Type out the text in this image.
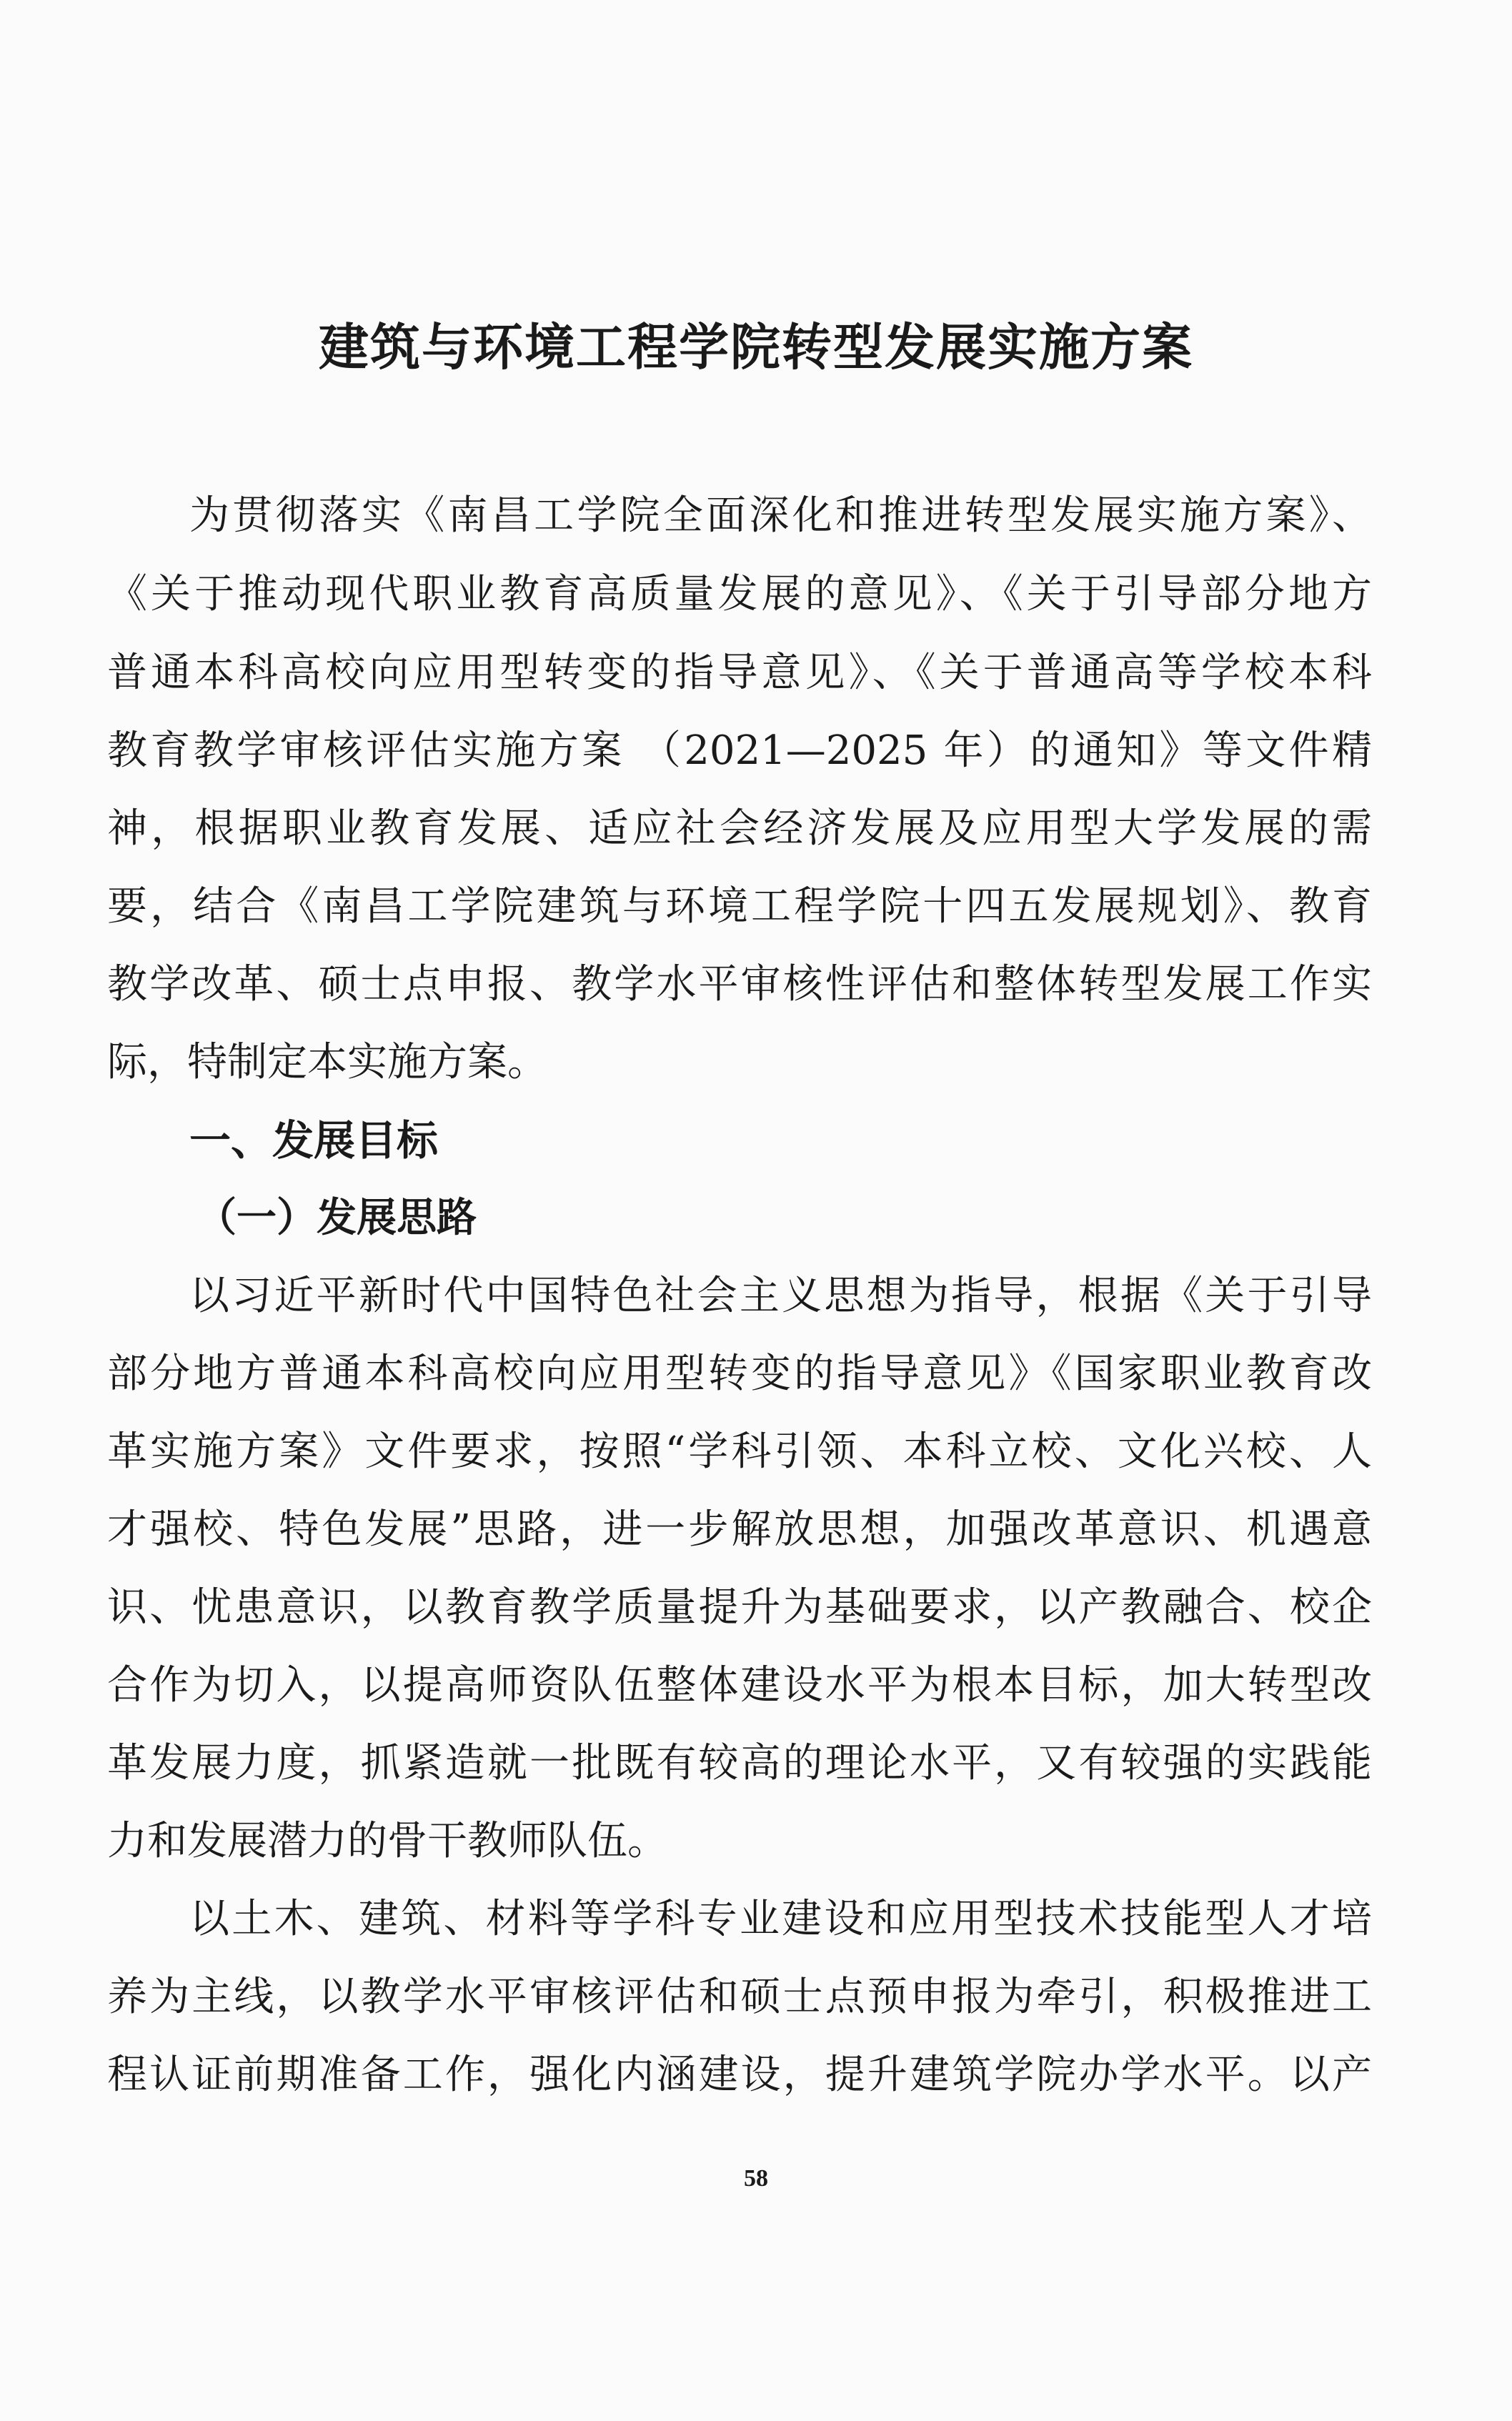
建筑与环境工程学院转型发展实施方案

为贯彻落实《南昌工学院全面深化和推进转型发展实施方案》、

《关于推动现代职业教育高质量发展的意见》、《关于引导部分地方

普通本科高校向应用型转变的指导意见》、《关于普通高等学校本科

教育教学审核评估实施方案 （2021—2025 年）的通知》等文件精

神，根据职业教育发展、适应社会经济发展及应用型大学发展的需

要，结合《南昌工学院建筑与环境工程学院十四五发展规划》、教育

教学改革、硕士点申报、教学水平审核性评估和整体转型发展工作实

际，特制定本实施方案。

一、发展目标
（一）发展思路

以习近平新时代中国特色社会主义思想为指导，根据《关于引导

部分地方普通本科高校向应用型转变的指导意见》《国家职业教育改

革实施方案》文件要求，按照“学科引领、本科立校、文化兴校、人

才强校、特色发展”思路，进一步解放思想，加强改革意识、机遇意

识、忧患意识，以教育教学质量提升为基础要求，以产教融合、校企

合作为切入，以提高师资队伍整体建设水平为根本目标，加大转型改

革发展力度，抓紧造就一批既有较高的理论水平，又有较强的实践能

力和发展潜力的骨干教师队伍。

以土木、建筑、材料等学科专业建设和应用型技术技能型人才培

养为主线，以教学水平审核评估和硕士点预申报为牵引，积极推进工

程认证前期准备工作，强化内涵建设，提升建筑学院办学水平。以产

58
